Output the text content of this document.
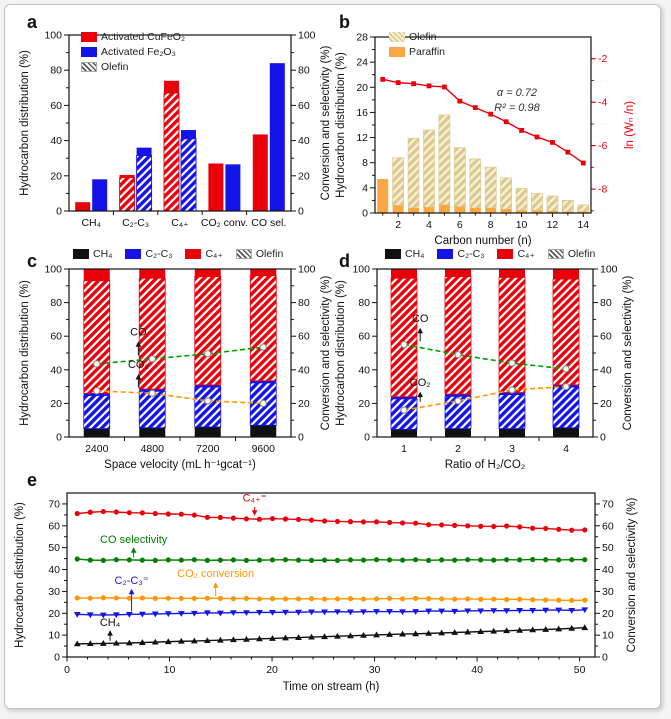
a	b
c	d
e
0	0
20	20
40	40
60	60
80	80
100	100
CH₄ C₂-C₃ C₄₊ CO₂ conv. CO sel.
Hydrocarbon distribution (%)	Conversion and selectivity (%)
0
4
8
12
16
20
24
28
-2
-4
-6
-8
2 4 6 8 10 12 14
α = 0.72
R² = 0.98
Carbon number (n)
Hydrocarbon distribution (%)	ln (Wₙ /n)
0	0
20	20
40	40
60	60
80	80
100	100
2400	4800	7200	9600
CO
CO₂
Space velocity (mL h⁻¹gcat⁻¹)
Hydrocarbon distribution (%)	Conversion and selectivity (%)
0	0
20	20
40	40
60	60
80	80
100	100
1	2	3	4
CO
CO₂
Ratio of H₂/CO₂
Hydrocarbon distribution (%)	Conversion and selectivity (%)
0	0
10	10
20	20
30	30
40	40
50	50
60	60
70	70
0	10	20	30	40	50
C₄₊⁼
CO selectivity
CO₂ conversion
C₂-C₃⁼
CH₄
Time on stream (h)
Hydrocarbon distribution (%)	Conversion and selectivity (%)
Activated CuFeO₂
Activated Fe₂O₃
Olefin
Olefin
Paraffin
CH₄	C₂-C₃	C₄₊	Olefin	CH₄	C₂-C₃	C₄₊	Olefin
